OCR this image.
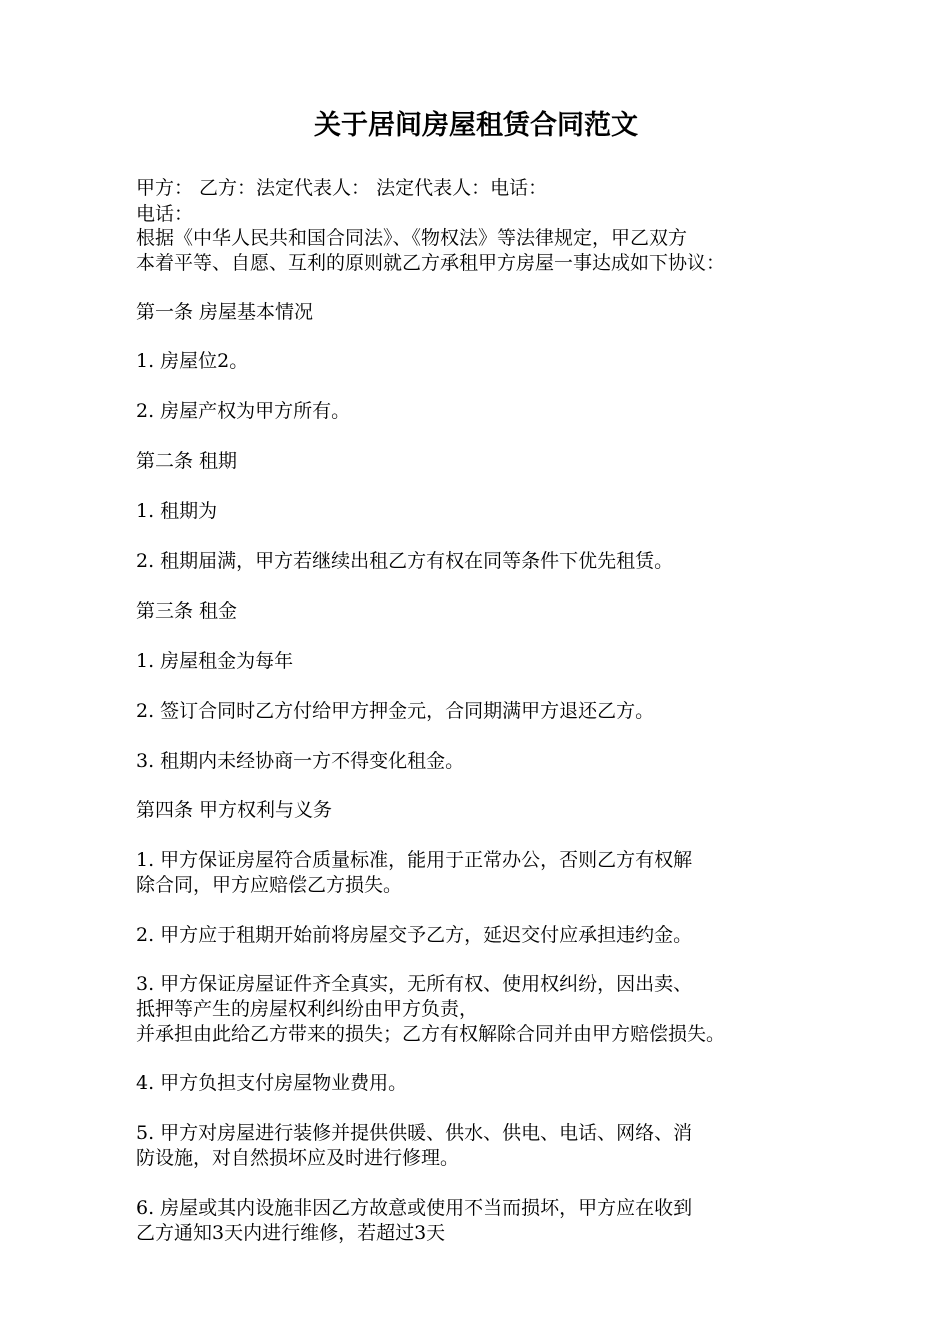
关于居间房屋租赁合同范文

甲方： 乙方：法定代表人： 法定代表人：电话：

电话：

根据《中华人民共和国合同法》、《物权法》等法律规定，甲乙双方

本着平等、自愿、互利的原则就乙方承租甲方房屋一事达成如下协议：

第一条 房屋基本情况

1. 房屋位2。

2. 房屋产权为甲方所有。

第二条 租期

1. 租期为

2. 租期届满，甲方若继续出租乙方有权在同等条件下优先租赁。

第三条 租金

1. 房屋租金为每年

2. 签订合同时乙方付给甲方押金元，合同期满甲方退还乙方。

3. 租期内未经协商一方不得变化租金。

第四条 甲方权利与义务

1. 甲方保证房屋符合质量标准，能用于正常办公，否则乙方有权解

除合同，甲方应赔偿乙方损失。

2. 甲方应于租期开始前将房屋交予乙方，延迟交付应承担违约金。

3. 甲方保证房屋证件齐全真实，无所有权、使用权纠纷，因出卖、

抵押等产生的房屋权利纠纷由甲方负责，

并承担由此给乙方带来的损失；乙方有权解除合同并由甲方赔偿损失。

4. 甲方负担支付房屋物业费用。

5. 甲方对房屋进行装修并提供供暖、供水、供电、电话、网络、消

防设施，对自然损坏应及时进行修理。

6. 房屋或其内设施非因乙方故意或使用不当而损坏，甲方应在收到

乙方通知3天内进行维修，若超过3天
